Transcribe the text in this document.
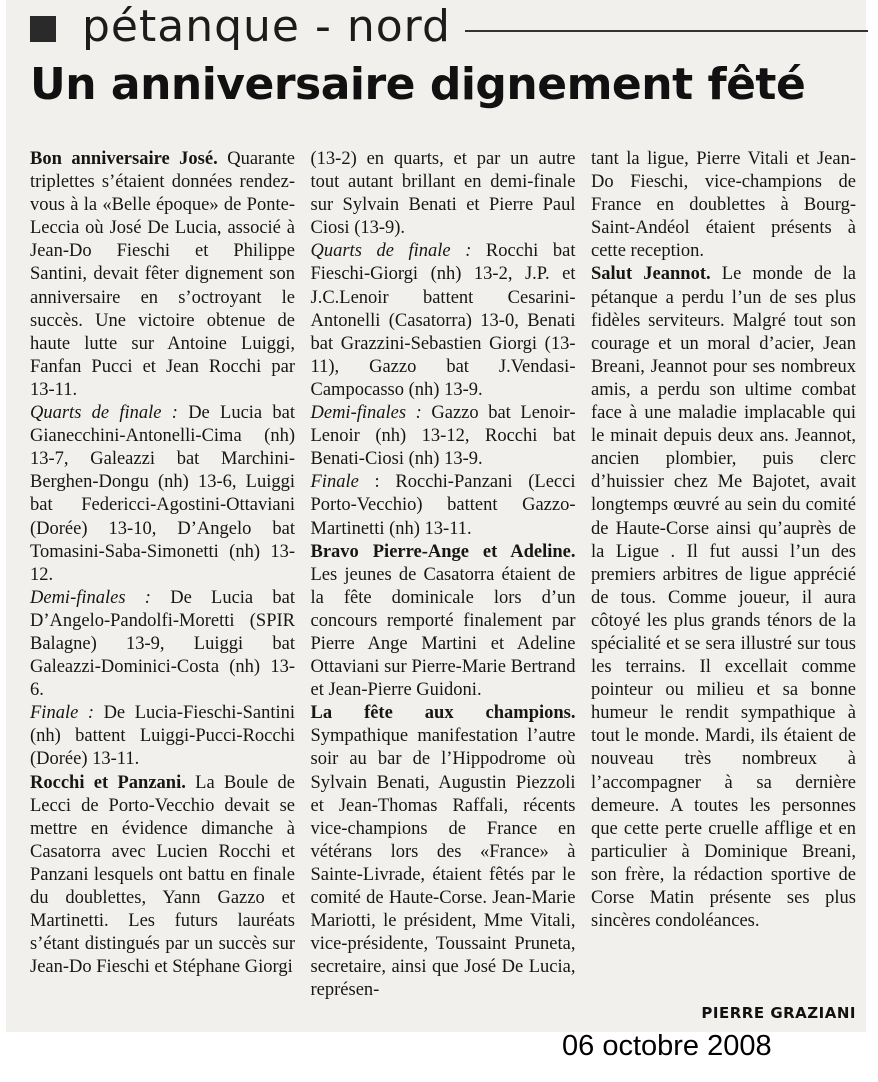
pétanque - nord
Un anniversaire dignement fêté

Bon anniversaire José. Quarante triplettes s’étaient données rendez-vous à la «Belle époque» de Ponte-Leccia où José De Lucia, associé à Jean-Do Fieschi et Philippe Santini, devait fêter dignement son anniversaire en s’octroyant le succès. Une victoire obtenue de haute lutte sur Antoine Luiggi, Fanfan Pucci et Jean Rocchi par 13-11.

Quarts de finale : De Lucia bat Gianecchini-Antonelli-Cima (nh) 13-7, Galeazzi bat Marchini-Berghen-Dongu (nh) 13-6, Luiggi bat Federicci-Agostini-Ottaviani (Dorée) 13-10, D’Angelo bat Tomasini-Saba-Simonetti (nh) 13-12.

Demi-finales : De Lucia bat D’Angelo-Pandolfi-Moretti (SPIR Balagne) 13-9, Luiggi bat Galeazzi-Dominici-Costa (nh) 13-6.

Finale : De Lucia-Fieschi-Santini (nh) battent Luiggi-Pucci-Rocchi (Dorée) 13-11.

Rocchi et Panzani. La Boule de Lecci de Porto-Vecchio devait se mettre en évidence dimanche à Casatorra avec Lucien Rocchi et Panzani lesquels ont battu en finale du doublettes, Yann Gazzo et Martinetti. Les futurs lauréats s’étant distingués par un succès sur Jean-Do Fieschi et Stéphane Giorgi

(13-2) en quarts, et par un autre tout autant brillant en demi-finale sur Sylvain Benati et Pierre Paul Ciosi (13-9).

Quarts de finale : Rocchi bat Fieschi-Giorgi (nh) 13-2, J.P. et J.C.Lenoir battent Cesarini-Antonelli (Casatorra) 13-0, Benati bat Grazzini-Sebastien Giorgi (13-11), Gazzo bat J.Vendasi-Campocasso (nh) 13-9.

Demi-finales : Gazzo bat Lenoir-Lenoir (nh) 13-12, Rocchi bat Benati-Ciosi (nh) 13-9.

Finale : Rocchi-Panzani (Lecci Porto-Vecchio) battent Gazzo-Martinetti (nh) 13-11.

Bravo Pierre-Ange et Adeline. Les jeunes de Casatorra étaient de la fête dominicale lors d’un concours remporté finalement par Pierre Ange Martini et Adeline Ottaviani sur Pierre-Marie Bertrand et Jean-Pierre Guidoni.

La fête aux champions. Sympathique manifestation l’autre soir au bar de l’Hippodrome où Sylvain Benati, Augustin Piezzoli et Jean-Thomas Raffali, récents vice-champions de France en vétérans lors des «France» à Sainte-Livrade, étaient fêtés par le comité de Haute-Corse. Jean-Marie Mariotti, le président, Mme Vitali, vice-présidente, Toussaint Pruneta, secretaire, ainsi que José De Lucia, représen-

tant la ligue, Pierre Vitali et Jean-Do Fieschi, vice-champions de France en doublettes à Bourg-Saint-Andéol étaient présents à cette reception.

Salut Jeannot. Le monde de la pétanque a perdu l’un de ses plus fidèles serviteurs. Malgré tout son courage et un moral d’acier, Jean Breani, Jeannot pour ses nombreux amis, a perdu son ultime combat face à une maladie implacable qui le minait depuis deux ans. Jeannot, ancien plombier, puis clerc d’huissier chez Me Bajotet, avait longtemps œuvré au sein du comité de Haute-Corse ainsi qu’auprès de la Ligue . Il fut aussi l’un des premiers arbitres de ligue apprécié de tous. Comme joueur, il aura côtoyé les plus grands ténors de la spécialité et se sera illustré sur tous les terrains. Il excellait comme pointeur ou milieu et sa bonne humeur le rendit sympathique à tout le monde. Mardi, ils étaient de nouveau très nombreux à l’accompagner à sa dernière demeure. A toutes les personnes que cette perte cruelle afflige et en particulier à Dominique Breani, son frère, la rédaction sportive de Corse Matin présente ses plus sincères condoléances.

PIERRE GRAZIANI
06 octobre 2008
